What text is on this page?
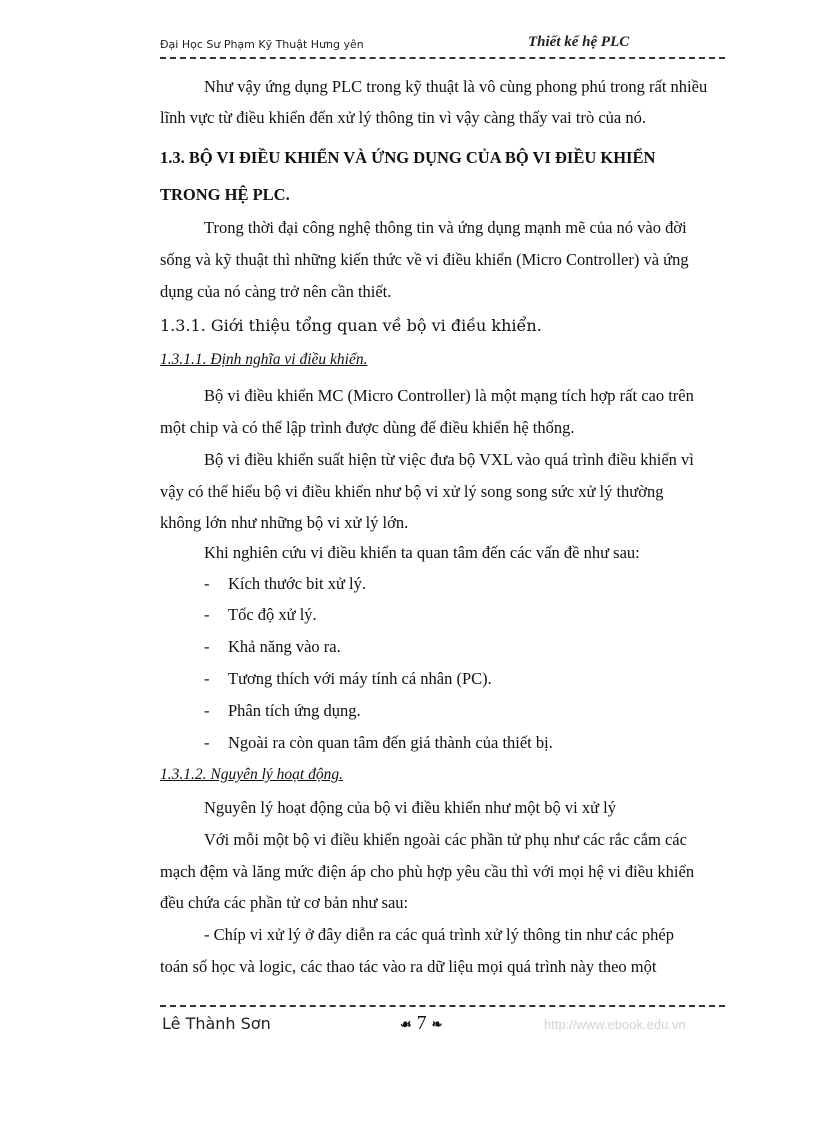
Đại Học Sư Phạm Kỹ Thuật Hưng yên	Thiết kế hệ PLC
Như vậy ứng dụng PLC trong kỹ thuật là vô cùng phong phú trong rất nhiều
lĩnh vực từ điều khiển đến xử lý thông tin vì vậy càng thấy vai trò của nó.
1.3. BỘ VI ĐIỀU KHIỂN VÀ ỨNG DỤNG CỦA BỘ VI ĐIỀU KHIỂN
TRONG HỆ PLC.
Trong thời đại công nghệ thông tin và ứng dụng mạnh mẽ của nó vào đời
sống và kỹ thuật thì những kiến thức về vi điều khiển (Micro Controller) và ứng
dụng của nó càng trở nên cần thiết.
1.3.1. Giới thiệu tổng quan về bộ vi điều khiển.
1.3.1.1. Định nghĩa vi điều khiển.
Bộ vi điều khiển MC (Micro Controller) là một mạng tích hợp rất cao trên
một chip và có thể lập trình được dùng để điều khiển hệ thống.
Bộ vi điều khiển suất hiện từ việc đưa bộ VXL vào quá trình điều khiển vì
vậy có thể hiểu bộ vi điều khiển như bộ vi xử lý song song sức xử lý thường
không lớn như những bộ vi xử lý lớn.
Khi nghiên cứu vi điều khiển ta quan tâm đến các vấn đề như sau:
- Kích thước bit xử lý.
- Tốc độ xử lý.
- Khả năng vào ra.
- Tương thích với máy tính cá nhân (PC).
- Phân tích ứng dụng.
- Ngoài ra còn quan tâm đến giá thành của thiết bị.
1.3.1.2. Nguyên lý hoạt động.
Nguyên lý hoạt động của bộ vi điều khiển như một bộ vi xử lý
Với mỗi một bộ vi điều khiển ngoài các phần tử phụ như các rắc cắm các
mạch đệm và lăng mức điện áp cho phù hợp yêu cầu thì với mọi hệ vi điều khiển
đều chứa các phần tử cơ bản như sau:
- Chíp vi xử lý ở đây diễn ra các quá trình xử lý thông tin như các phép
toán số học và logic, các thao tác vào ra dữ liệu mọi quá trình này theo một
Lê Thành Sơn	☙ 7 ❧	http://www.ebook.edu.vn
